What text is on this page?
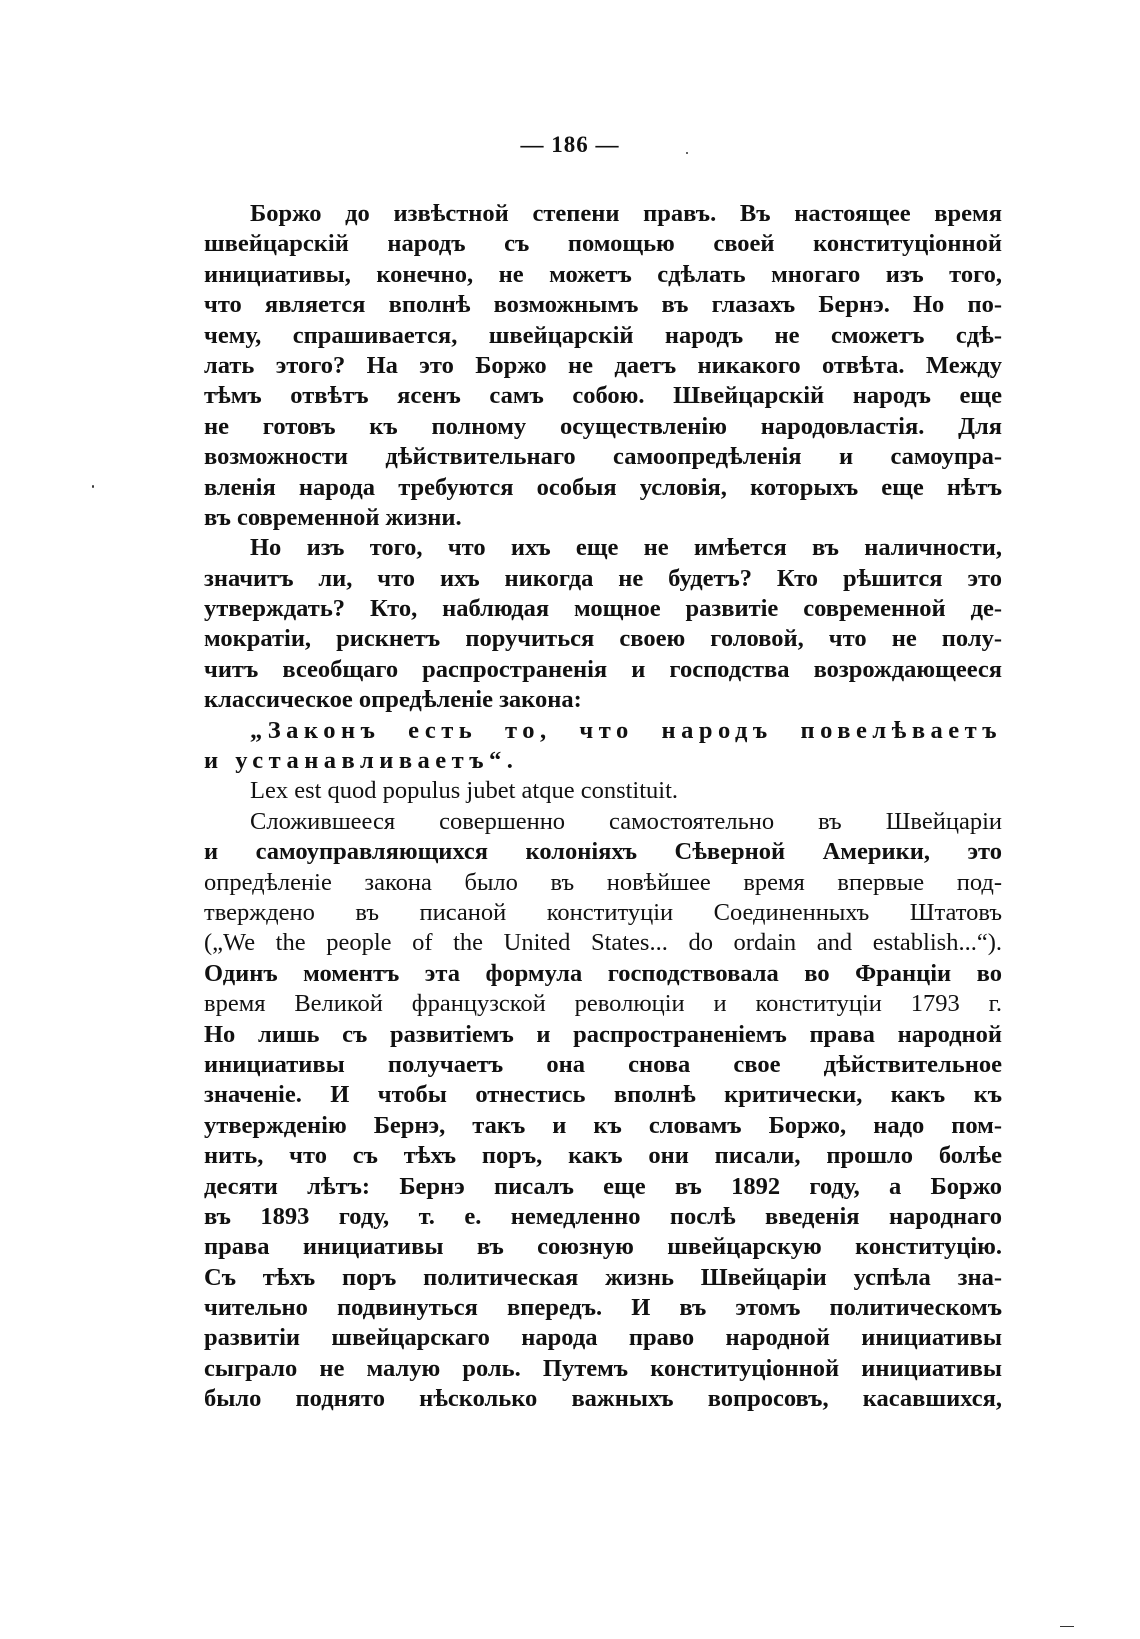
— 186 —
Боржо до извѣстной степени правъ. Въ настоящее время
швейцарскій народъ съ помощью своей конституціонной
инициативы, конечно, не можетъ сдѣлать многаго изъ того,
что является вполнѣ возможнымъ въ глазахъ Бернэ. Но по-
чему, спрашивается, швейцарскій народъ не сможетъ сдѣ-
лать этого? На это Боржо не даетъ никакого отвѣта. Между
тѣмъ отвѣтъ ясенъ самъ собою. Швейцарскій народъ еще
не готовъ къ полному осуществленію народовластія. Для
возможности дѣйствительнаго самоопредѣленія и самоупра-
вленія народа требуются особыя условія, которыхъ еще нѣтъ
въ современной жизни.
Но изъ того, что ихъ еще не имѣется въ наличности,
значитъ ли, что ихъ никогда не будетъ? Кто рѣшится это
утверждать? Кто, наблюдая мощное развитіе современной де-
мократіи, рискнетъ поручиться своею головой, что не полу-
читъ всеобщаго распространенія и господства возрождающееся
классическое опредѣленіе закона:
„Законъ есть то, что народъ повелѣваетъ
и устанавливаетъ“.
Lex est quod populus jubet atque constituit.
Сложившееся совершенно самостоятельно въ Швейцаріи
и самоуправляющихся колоніяхъ Сѣверной Америки, это
опредѣленіе закона было въ новѣйшее время впервые под-
тверждено въ писаной конституціи Соединенныхъ Штатовъ
(„We the people of the United States... do ordain and establish...“).
Одинъ моментъ эта формула господствовала во Франціи во
время Великой французской революціи и конституціи 1793 г.
Но лишь съ развитіемъ и распространеніемъ права народной
инициативы получаетъ она снова свое дѣйствительное
значеніе. И чтобы отнестись вполнѣ критически, какъ къ
утвержденію Бернэ, такъ и къ словамъ Боржо, надо пом-
нить, что съ тѣхъ поръ, какъ они писали, прошло болѣе
десяти лѣтъ: Бернэ писалъ еще въ 1892 году, а Боржо
въ 1893 году, т. е. немедленно послѣ введенія народнаго
права инициативы въ союзную швейцарскую конституцію.
Съ тѣхъ поръ политическая жизнь Швейцаріи успѣла зна-
чительно подвинуться впередъ. И въ этомъ политическомъ
развитіи швейцарскаго народа право народной инициативы
сыграло не малую роль. Путемъ конституціонной инициативы
было поднято нѣсколько важныхъ вопросовъ, касавшихся,
